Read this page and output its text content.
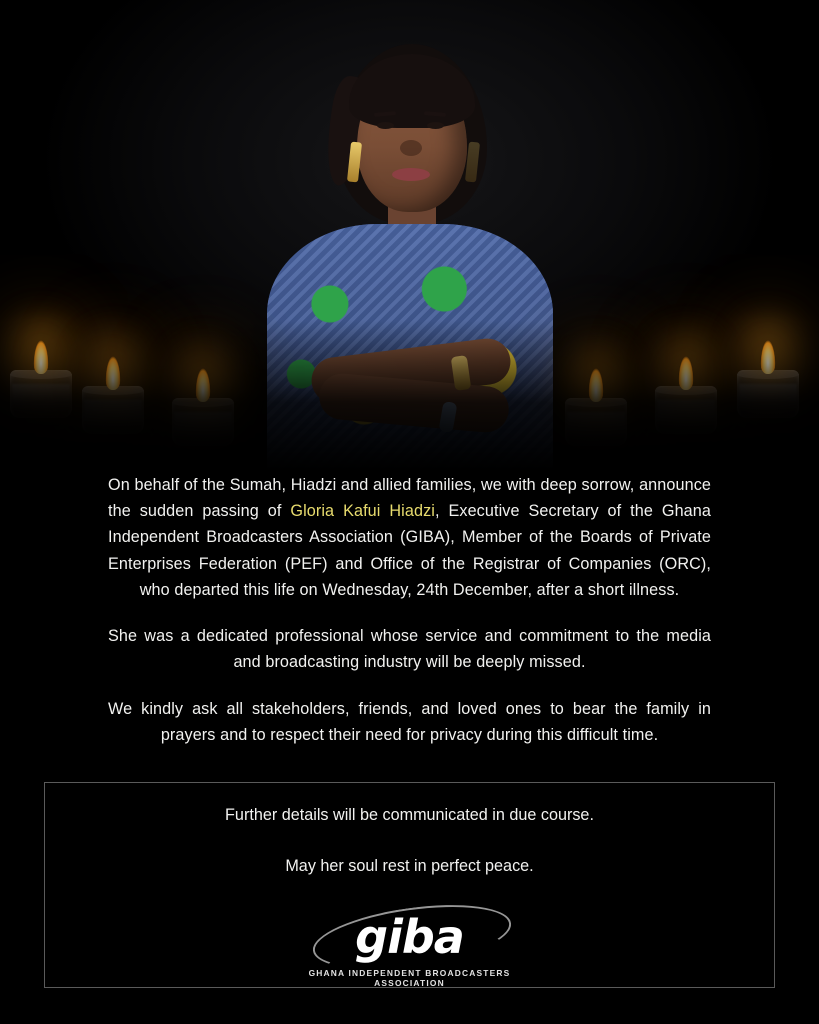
On behalf of the Sumah, Hiadzi and allied families, we with deep sorrow, announce the sudden passing of Gloria Kafui Hiadzi, Executive Secretary of the Ghana Independent Broadcasters Association (GIBA), Member of the Boards of Private Enterprises Federation (PEF) and Office of the Registrar of Companies (ORC), who departed this life on Wednesday, 24th December, after a short illness.

She was a dedicated professional whose service and commitment to the media and broadcasting industry will be deeply missed.

We kindly ask all stakeholders, friends, and loved ones to bear the family in prayers and to respect their need for privacy during this difficult time.

Further details will be communicated in due course.

May her soul rest in perfect peace.

giba
GHANA INDEPENDENT BROADCASTERS ASSOCIATION
